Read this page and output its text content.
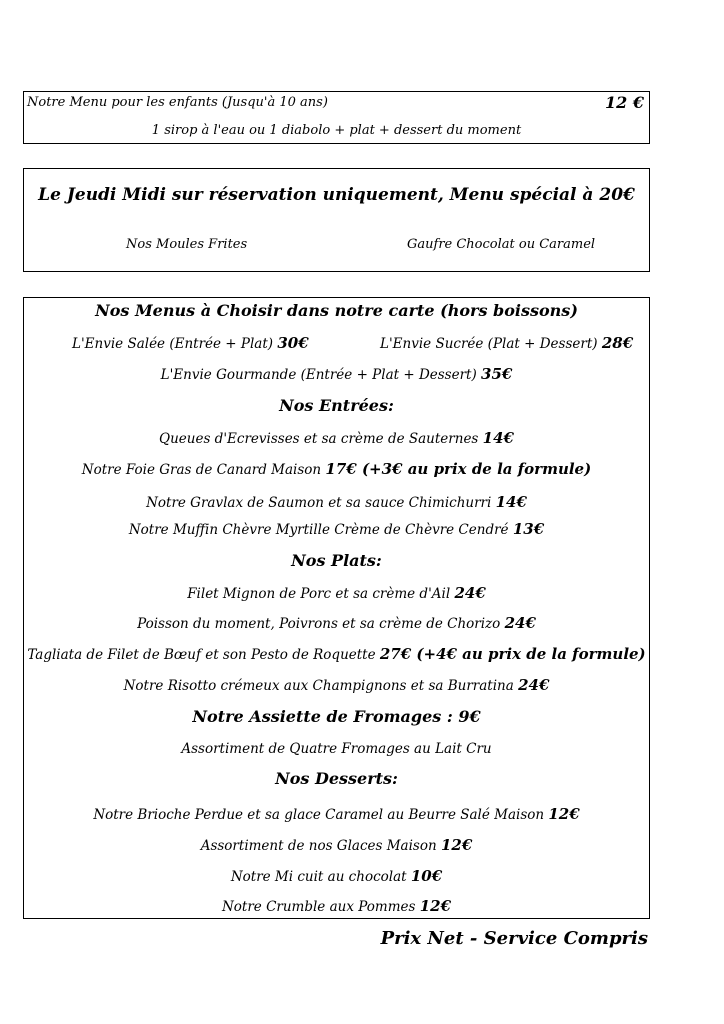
Notre Menu pour les enfants (Jusqu'à 10 ans)	12 €
1 sirop à l'eau ou 1 diabolo + plat + dessert du moment
Le Jeudi Midi sur réservation uniquement, Menu spécial à 20€
Nos Moules Frites	Gaufre Chocolat ou Caramel
Nos Menus à Choisir dans notre carte (hors boissons)
L'Envie Salée (Entrée + Plat) 30€	L'Envie Sucrée (Plat + Dessert) 28€
L'Envie Gourmande (Entrée + Plat + Dessert) 35€
Nos Entrées:
Queues d'Ecrevisses et sa crème de Sauternes 14€
Notre Foie Gras de Canard Maison 17€ (+3€ au prix de la formule)
Notre Gravlax de Saumon et sa sauce Chimichurri 14€
Notre Muffin Chèvre Myrtille Crème de Chèvre Cendré 13€
Nos Plats:
Filet Mignon de Porc et sa crème d'Ail 24€
Poisson du moment, Poivrons et sa crème de Chorizo 24€
Tagliata de Filet de Bœuf et son Pesto de Roquette 27€ (+4€ au prix de la formule)
Notre Risotto crémeux aux Champignons et sa Burratina 24€
Notre Assiette de Fromages : 9€
Assortiment de Quatre Fromages au Lait Cru
Nos Desserts:
Notre Brioche Perdue et sa glace Caramel au Beurre Salé Maison 12€
Assortiment de nos Glaces Maison 12€
Notre Mi cuit au chocolat 10€
Notre Crumble aux Pommes 12€
Prix Net - Service Compris
